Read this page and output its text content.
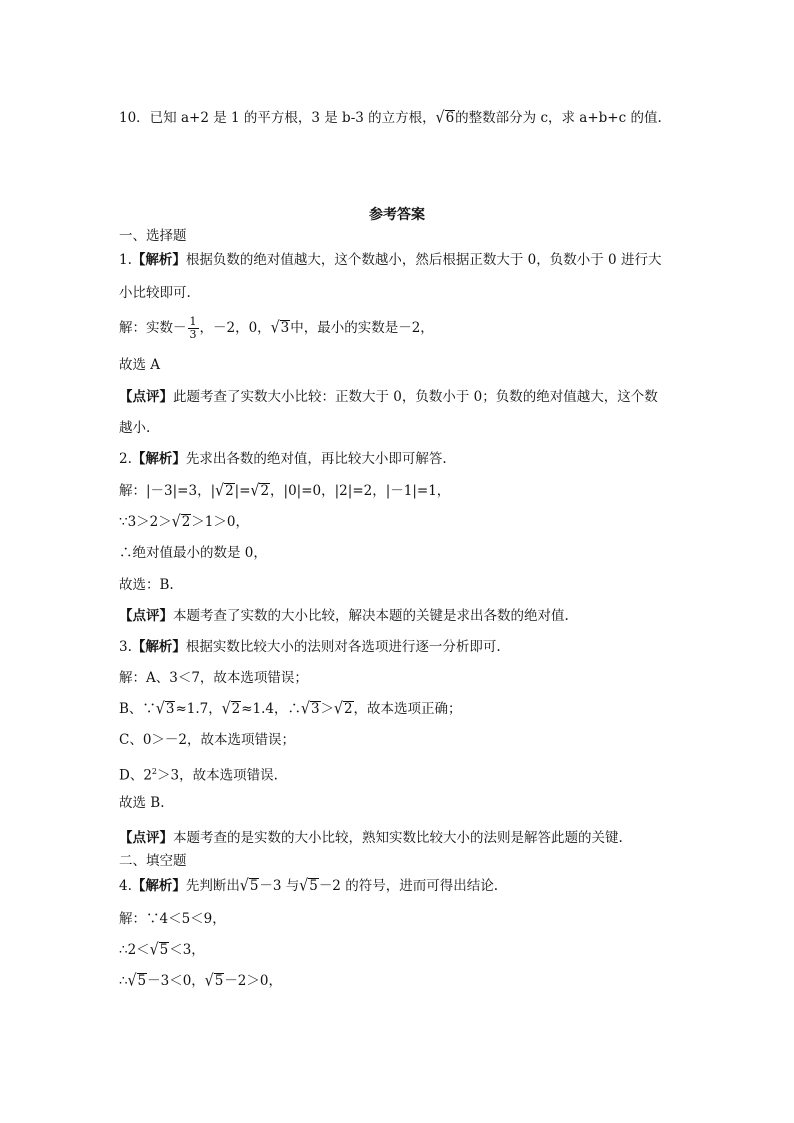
10．已知 a+2 是 1 的平方根，3 是 b-3 的立方根，√6的整数部分为 c，求 a+b+c 的值.
参考答案
一、选择题
1.【解析】根据负数的绝对值越大，这个数越小，然后根据正数大于 0，负数小于 0 进行大
小比较即可.
解：实数－ $\frac{1}{3}$ ，－2，0，√3中，最小的实数是－2，
故选 A
【点评】此题考查了实数大小比较：正数大于 0，负数小于 0；负数的绝对值越大，这个数
越小.
2.【解析】先求出各数的绝对值，再比较大小即可解答.
解：|－3|=3，|√2|=√2，|0|=0，|2|=2，|－1|=1，
∵3＞2＞√2＞1＞0，
∴绝对值最小的数是 0，
故选：B.
【点评】本题考查了实数的大小比较，解决本题的关键是求出各数的绝对值.
3.【解析】根据实数比较大小的法则对各选项进行逐一分析即可.
解：A、3＜7，故本选项错误；
B、∵√3≈1.7，√2≈1.4，∴√3＞√2，故本选项正确；
C、0＞－2，故本选项错误；
D、$2^2>3$，故本选项错误.
故选 B.
【点评】本题考查的是实数的大小比较，熟知实数比较大小的法则是解答此题的关键.
二、填空题
4.【解析】先判断出√5－3 与√5－2 的符号，进而可得出结论.
解：∵4＜5＜9，
∴2＜√5＜3，
∴√5－3＜0，√5－2＞0，
